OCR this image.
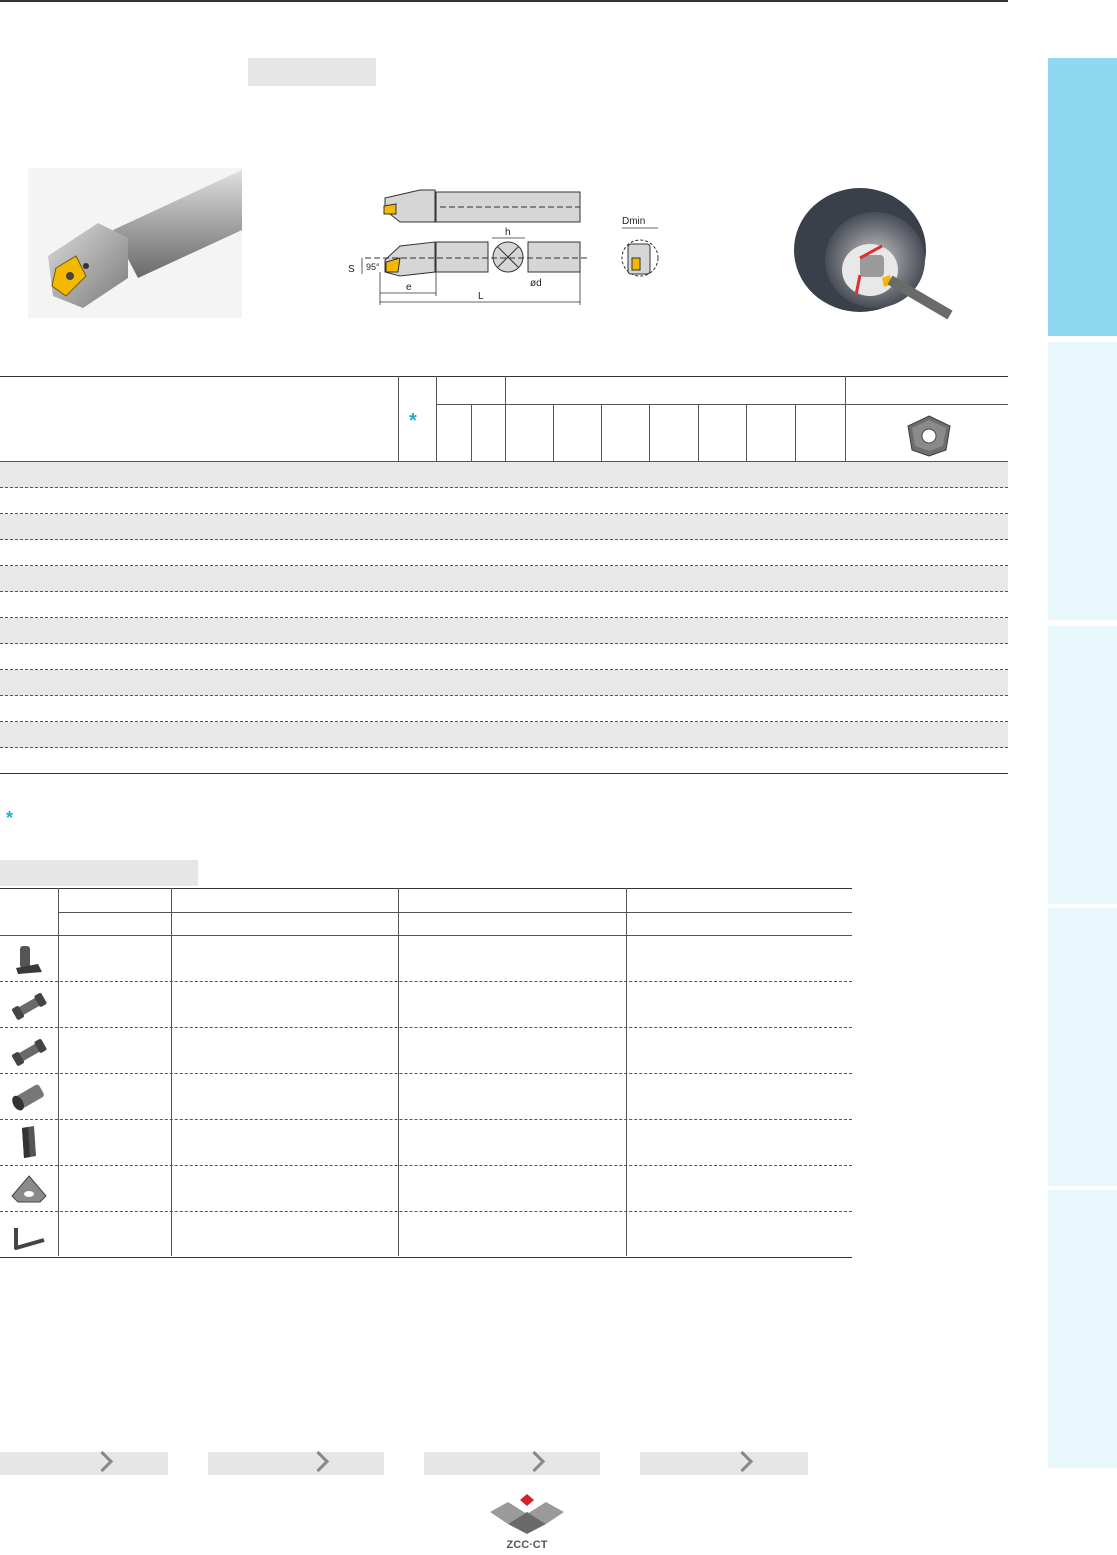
h
S 95°
ød
e
L
Dmin
*
*
ZCC·CT
